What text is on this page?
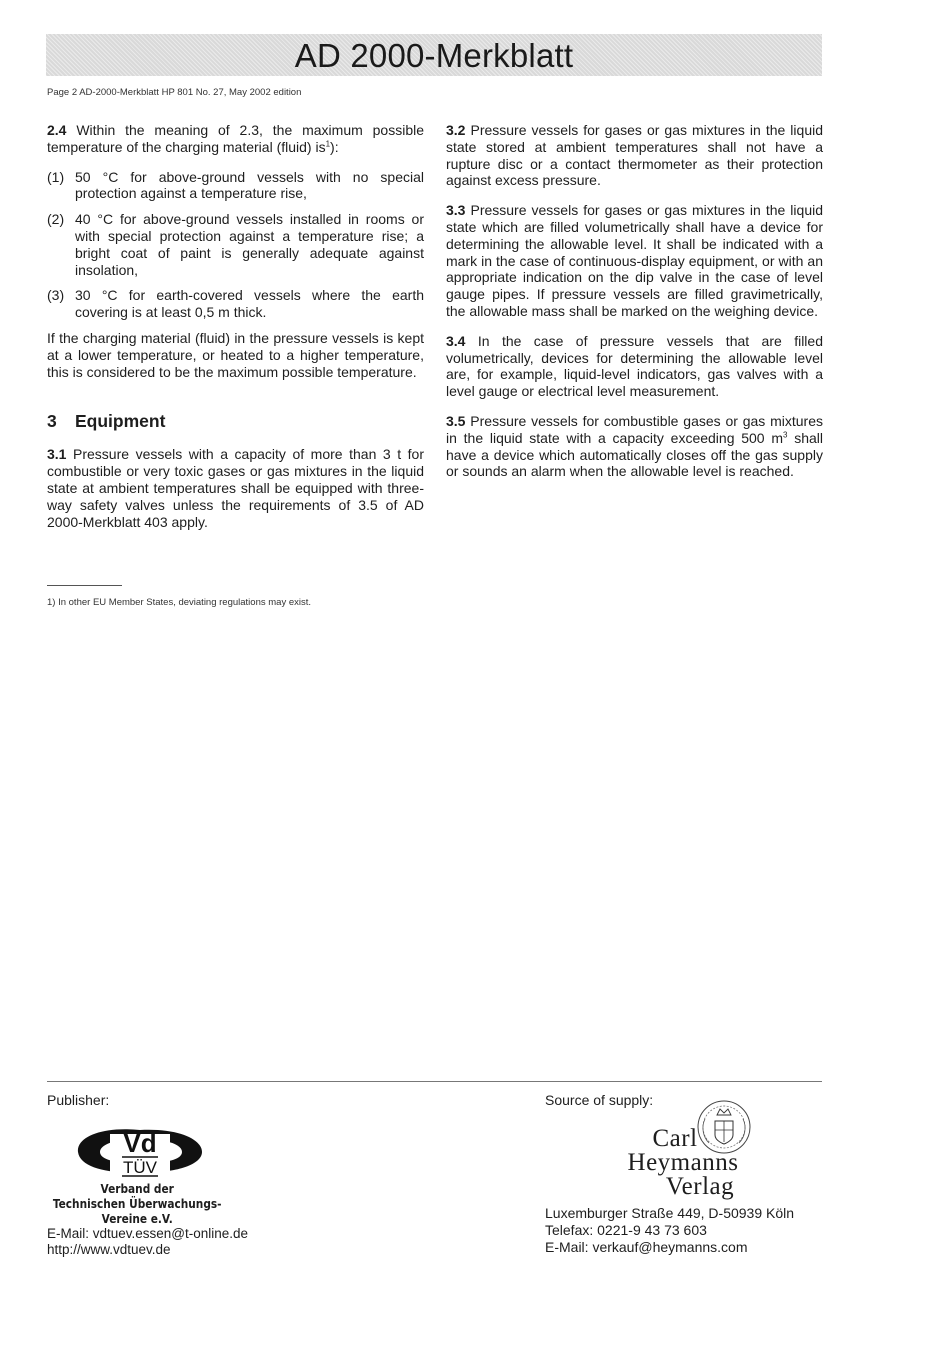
AD 2000-Merkblatt
Page 2 AD-2000-Merkblatt HP 801 No. 27, May 2002 edition

2.4 Within the meaning of 2.3, the maximum possible temperature of the charging material (fluid) $is^1$):

(1) 50 °C for above-ground vessels with no special protection against a temperature rise,
(2) 40 °C for above-ground vessels installed in rooms or with special protection against a temperature rise; a bright coat of paint is generally adequate against insolation,
(3) 30 °C for earth-covered vessels where the earth covering is at least 0,5 m thick.

If the charging material (fluid) in the pressure vessels is kept at a lower temperature, or heated to a higher temperature, this is considered to be the maximum possible temperature.

3 Equipment

3.1 Pressure vessels with a capacity of more than 3 t for combustible or very toxic gases or gas mixtures in the liquid state at ambient temperatures shall be equipped with three-way safety valves unless the requirements of 3.5 of AD 2000-Merkblatt 403 apply.

3.2 Pressure vessels for gases or gas mixtures in the liquid state stored at ambient temperatures shall not have a rupture disc or a contact thermometer as their protection against excess pressure.

3.3 Pressure vessels for gases or gas mixtures in the liquid state which are filled volumetrically shall have a device for determining the allowable level. It shall be indicated with a mark in the case of continuous-display equipment, or with an appropriate indication on the dip valve in the case of level gauge pipes. If pressure vessels are filled gravimetrically, the allowable mass shall be marked on the weighing device.

3.4 In the case of pressure vessels that are filled volumetrically, devices for determining the allowable level are, for example, liquid-level indicators, gas valves with a level gauge or electrical level measurement.

3.5 Pressure vessels for combustible gases or gas mixtures in the liquid state with a capacity exceeding 500 $m^3$ shall have a device which automatically closes off the gas supply or sounds an alarm when the allowable level is reached.

1) In other EU Member States, deviating regulations may exist.
Publisher:
Vd
TÜV
Verband der
Technischen Überwachungs-Vereine e.V.
E-Mail: vdtuev.essen@t-online.de
http://www.vdtuev.de
Source of supply:
Carl
Heymanns
Verlag
Luxemburger Straße 449, D-50939 Köln
Telefax: 0221-9 43 73 603
E-Mail: verkauf@heymanns.com
